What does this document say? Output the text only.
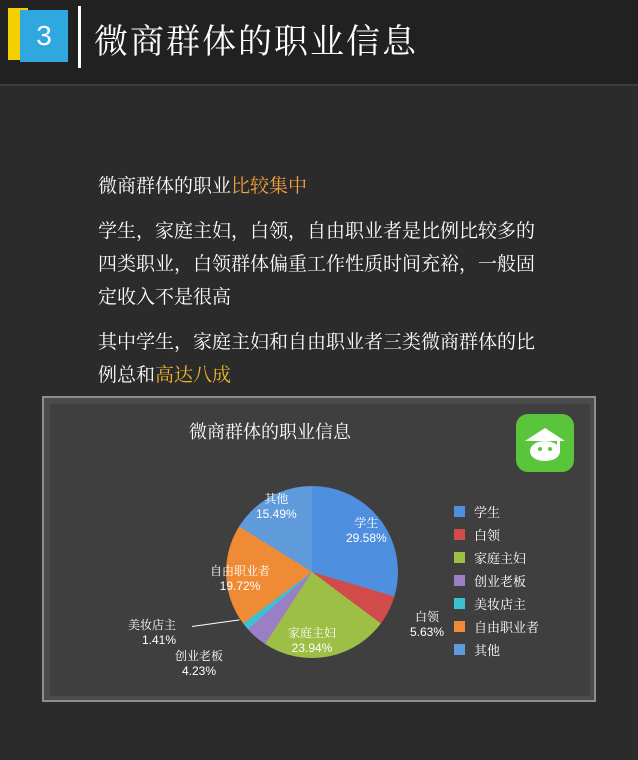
3 微商群体的职业信息

微商群体的职业比较集中

学生，家庭主妇，白领，自由职业者是比例比较多的四类职业，白领群体偏重工作性质时间充裕，一般固定收入不是很高

其中学生，家庭主妇和自由职业者三类微商群体的比例总和高达八成

微商群体的职业信息
学生
29.58%
白领
5.63%
家庭主妇
23.94%
创业老板
4.23%
美妆店主
1.41%
自由职业者
19.72%
其他
15.49%	学生
白领
家庭主妇
创业老板
美妆店主
自由职业者
其他
